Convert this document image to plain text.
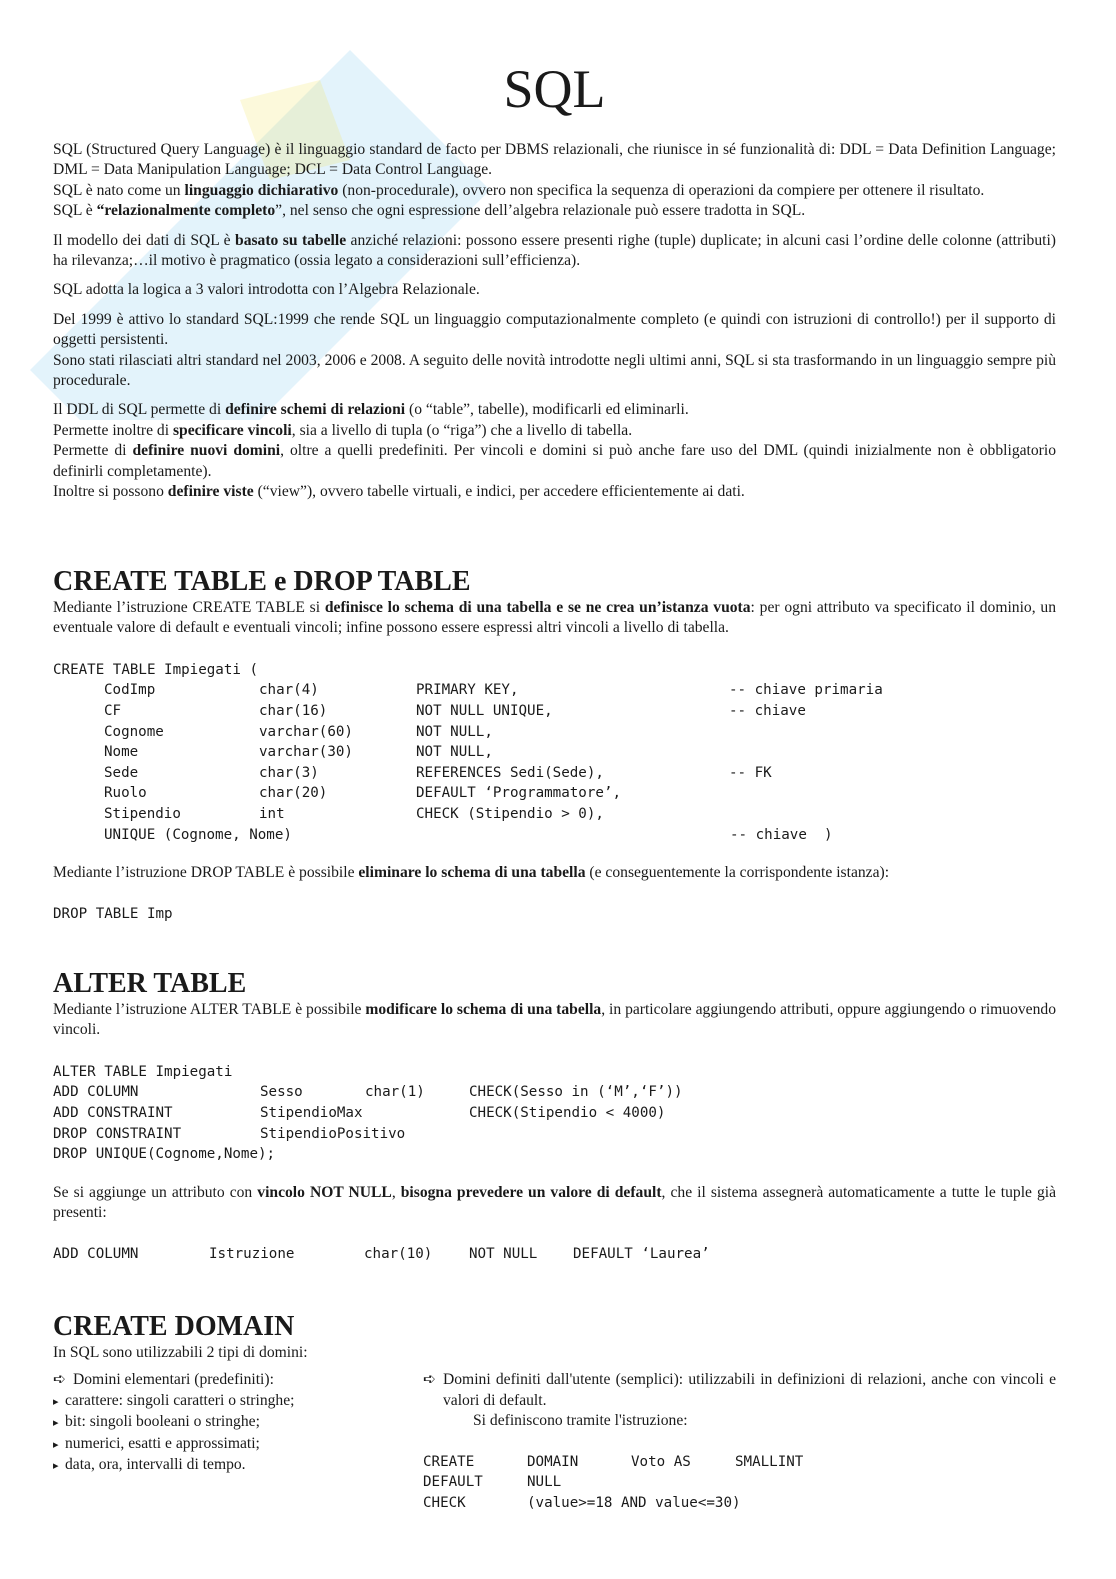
SQL

SQL (Structured Query Language) è il linguaggio standard de facto per DBMS relazionali, che riunisce in sé funzionalità di: DDL = Data Definition Language; DML = Data Manipulation Language; DCL = Data Control Language.

SQL è nato come un linguaggio dichiarativo (non-procedurale), ovvero non specifica la sequenza di operazioni da compiere per ottenere il risultato.

SQL è “relazionalmente completo”, nel senso che ogni espressione dell’algebra relazionale può essere tradotta in SQL.

Il modello dei dati di SQL è basato su tabelle anziché relazioni: possono essere presenti righe (tuple) duplicate; in alcuni casi l’ordine delle colonne (attributi) ha rilevanza;…il motivo è pragmatico (ossia legato a considerazioni sull’efficienza).

SQL adotta la logica a 3 valori introdotta con l’Algebra Relazionale.

Del 1999 è attivo lo standard SQL:1999 che rende SQL un linguaggio computazionalmente completo (e quindi con istruzioni di controllo!) per il supporto di oggetti persistenti.

Sono stati rilasciati altri standard nel 2003, 2006 e 2008. A seguito delle novità introdotte negli ultimi anni, SQL si sta trasformando in un linguaggio sempre più procedurale.

Il DDL di SQL permette di definire schemi di relazioni (o “table”, tabelle), modificarli ed eliminarli.

Permette inoltre di specificare vincoli, sia a livello di tupla (o “riga”) che a livello di tabella.

Permette di definire nuovi domini, oltre a quelli predefiniti. Per vincoli e domini si può anche fare uso del DML (quindi inizialmente non è obbligatorio definirli completamente).

Inoltre si possono definire viste (“view”), ovvero tabelle virtuali, e indici, per accedere efficientemente ai dati.

CREATE TABLE e DROP TABLE

Mediante l’istruzione CREATE TABLE si definisce lo schema di una tabella e se ne crea un’istanza vuota: per ogni attributo va specificato il dominio, un eventuale valore di default e eventuali vincoli; infine possono essere espressi altri vincoli a livello di tabella.

CREATE TABLE Impiegati (
CodImp	char(4)	PRIMARY KEY,	-- chiave primaria
CF	char(16)	NOT NULL UNIQUE,	-- chiave
Cognome	varchar(60)	NOT NULL,
Nome	varchar(30)	NOT NULL,
Sede	char(3)	REFERENCES Sedi(Sede),	-- FK
Ruolo	char(20)	DEFAULT ‘Programmatore’,
Stipendio	int	CHECK (Stipendio > 0),
UNIQUE (Cognome, Nome)	-- chiave  )

Mediante l’istruzione DROP TABLE è possibile eliminare lo schema di una tabella (e conseguentemente la corrispondente istanza):

DROP TABLE Imp
ALTER TABLE

Mediante l’istruzione ALTER TABLE è possibile modificare lo schema di una tabella, in particolare aggiungendo attributi, oppure aggiungendo o rimuovendo vincoli.

ALTER TABLE Impiegati
ADD COLUMN	Sesso	char(1)	CHECK(Sesso in (‘M’,‘F’))
ADD CONSTRAINT	StipendioMax	CHECK(Stipendio < 4000)
DROP CONSTRAINT	StipendioPositivo
DROP UNIQUE(Cognome,Nome);

Se si aggiunge un attributo con vincolo NOT NULL, bisogna prevedere un valore di default, che il sistema assegnerà automaticamente a tutte le tuple già presenti:

ADD COLUMN	Istruzione	char(10)	NOT NULL	DEFAULT ‘Laurea’
CREATE DOMAIN

In SQL sono utilizzabili 2 tipi di domini:

➪ Domini elementari (predefiniti):
▸ carattere: singoli caratteri o stringhe;
▸ bit: singoli booleani o stringhe;
▸ numerici, esatti e approssimati;
▸ data, ora, intervalli di tempo.
➪ Domini definiti dall'utente (semplici): utilizzabili in definizioni di relazioni, anche con vincoli e valori di default.
Si definiscono tramite l'istruzione:
CREATE	DOMAIN	Voto AS	SMALLINT
DEFAULT	NULL
CHECK	(value>=18 AND value<=30)
